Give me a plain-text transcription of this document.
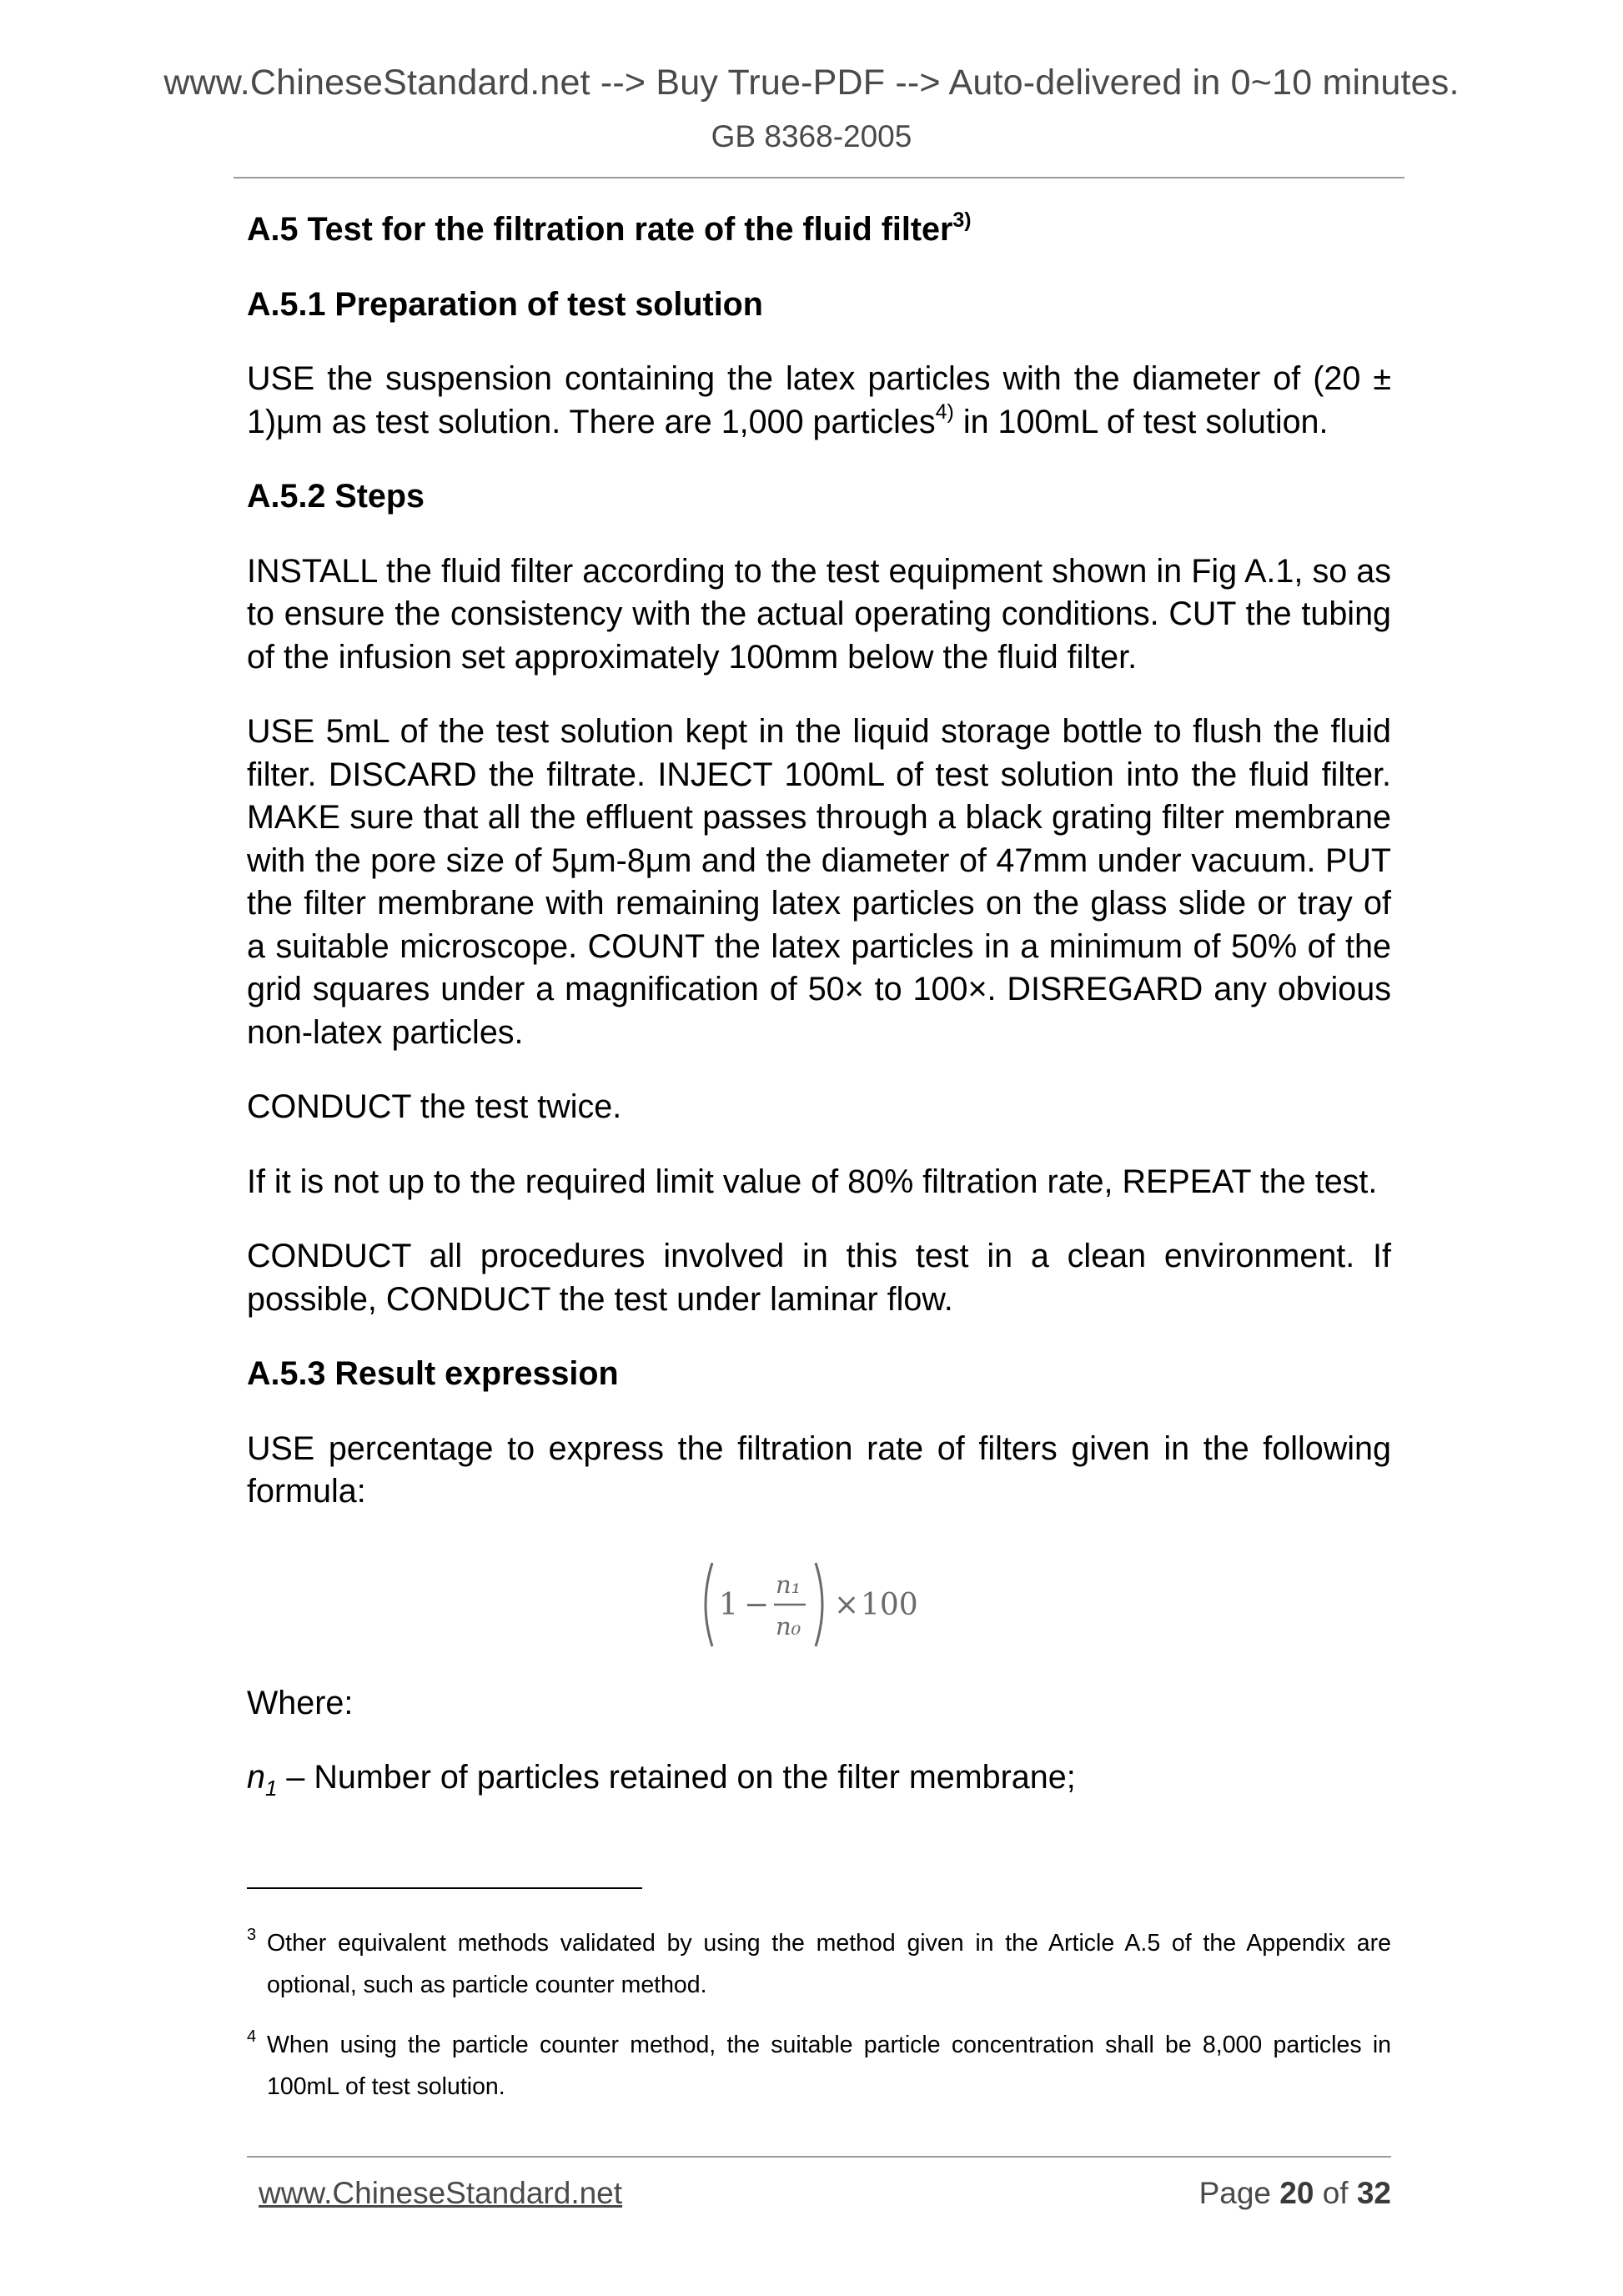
www.ChineseStandard.net --> Buy True-PDF --> Auto-delivered in 0~10 minutes.
GB 8368-2005
A.5 Test for the filtration rate of the fluid filter$^{3)}$
A.5.1 Preparation of test solution
USE the suspension containing the latex particles with the diameter of (20 ± 1)μm as test solution. There are 1,000 particles$^{4)}$ in 100mL of test solution.
A.5.2 Steps
INSTALL the fluid filter according to the test equipment shown in Fig A.1, so as to ensure the consistency with the actual operating conditions. CUT the tubing of the infusion set approximately 100mm below the fluid filter.
USE 5mL of the test solution kept in the liquid storage bottle to flush the fluid filter. DISCARD the filtrate. INJECT 100mL of test solution into the fluid filter. MAKE sure that all the effluent passes through a black grating filter membrane with the pore size of 5μm-8μm and the diameter of 47mm under vacuum. PUT the filter membrane with remaining latex particles on the glass slide or tray of a suitable microscope. COUNT the latex particles in a minimum of 50% of the grid squares under a magnification of 50× to 100×. DISREGARD any obvious non-latex particles.
CONDUCT the test twice.
If it is not up to the required limit value of 80% filtration rate, REPEAT the test.
CONDUCT all procedures involved in this test in a clean environment. If possible, CONDUCT the test under laminar flow.
A.5.3 Result expression
USE percentage to express the filtration rate of filters given in the following formula:
1 −
n₁
n₀
× 100
Where:
$n_1$ – Number of particles retained on the filter membrane;
3 Other equivalent methods validated by using the method given in the Article A.5 of the Appendix are optional, such as particle counter method.
4 When using the particle counter method, the suitable particle concentration shall be 8,000 particles in 100mL of test solution.
www.ChineseStandard.net	Page 20 of 32
